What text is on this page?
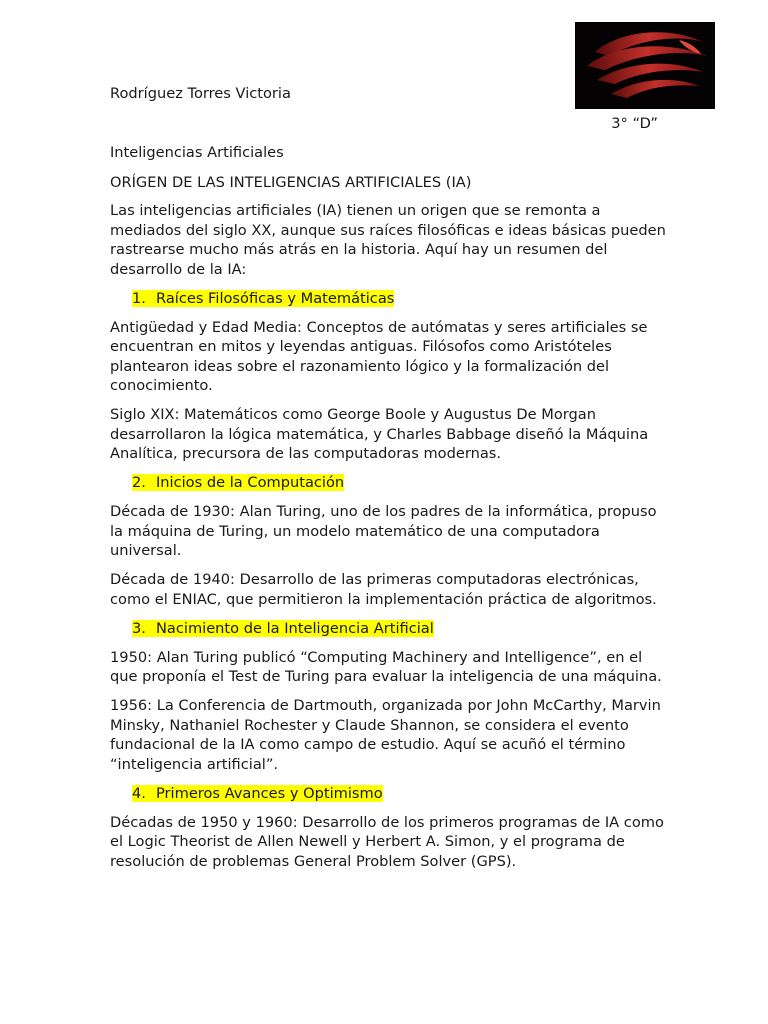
Rodríguez Torres Victoria

3° “D”

Inteligencias Artificiales

ORÍGEN DE LAS INTELIGENCIAS ARTIFICIALES (IA)

Las inteligencias artificiales (IA) tienen un origen que se remonta a mediados del siglo XX, aunque sus raíces filosóficas e ideas básicas pueden rastrearse mucho más atrás en la historia. Aquí hay un resumen del desarrollo de la IA:

1. Raíces Filosóficas y Matemáticas

Antigüedad y Edad Media: Conceptos de autómatas y seres artificiales se encuentran en mitos y leyendas antiguas. Filósofos como Aristóteles plantearon ideas sobre el razonamiento lógico y la formalización del conocimiento.

Siglo XIX: Matemáticos como George Boole y Augustus De Morgan desarrollaron la lógica matemática, y Charles Babbage diseñó la Máquina Analítica, precursora de las computadoras modernas.

2. Inicios de la Computación

Década de 1930: Alan Turing, uno de los padres de la informática, propuso la máquina de Turing, un modelo matemático de una computadora universal.

Década de 1940: Desarrollo de las primeras computadoras electrónicas, como el ENIAC, que permitieron la implementación práctica de algoritmos.

3. Nacimiento de la Inteligencia Artificial

1950: Alan Turing publicó “Computing Machinery and Intelligence”, en el que proponía el Test de Turing para evaluar la inteligencia de una máquina.

1956: La Conferencia de Dartmouth, organizada por John McCarthy, Marvin Minsky, Nathaniel Rochester y Claude Shannon, se considera el evento fundacional de la IA como campo de estudio. Aquí se acuñó el término “inteligencia artificial”.

4. Primeros Avances y Optimismo

Décadas de 1950 y 1960: Desarrollo de los primeros programas de IA como el Logic Theorist de Allen Newell y Herbert A. Simon, y el programa de resolución de problemas General Problem Solver (GPS).
